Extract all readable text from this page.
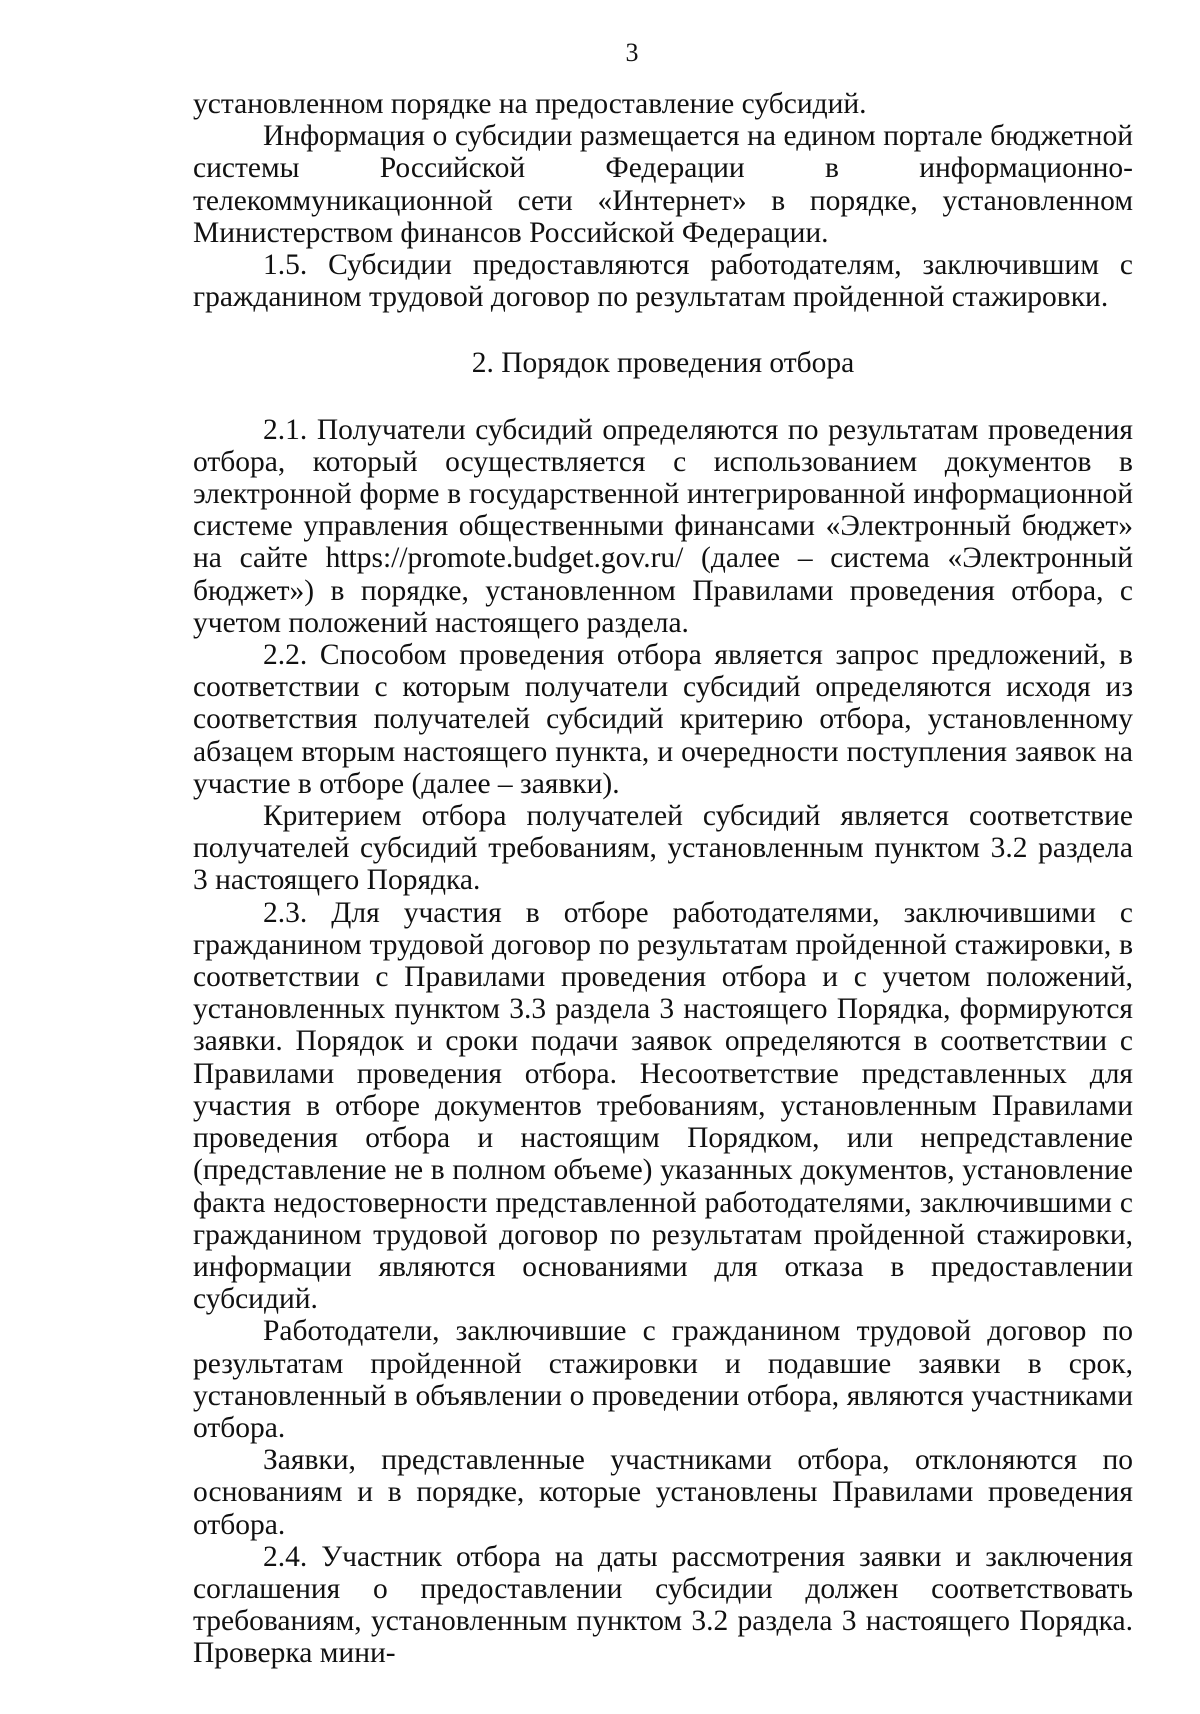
3

установленном порядке на предоставление субсидий.

Информация о субсидии размещается на едином портале бюджетной системы Российской Федерации в информационно-телекоммуникационной сети «Интернет» в порядке, установленном Министерством финансов Российской Федерации.

1.5. Субсидии предоставляются работодателям, заключившим с гражданином трудовой договор по результатам пройденной стажировки.

2. Порядок проведения отбора

2.1. Получатели субсидий определяются по результатам проведения отбора, который осуществляется с использованием документов в электронной форме в государственной интегрированной информационной системе управления общественными финансами «Электронный бюджет» на сайте https://promote.budget.gov.ru/ (далее – система «Электронный бюджет») в порядке, установленном Правилами проведения отбора, с учетом положений настоящего раздела.

2.2. Способом проведения отбора является запрос предложений, в соответствии с которым получатели субсидий определяются исходя из соответствия получателей субсидий критерию отбора, установленному абзацем вторым настоящего пункта, и очередности поступления заявок на участие в отборе (далее – заявки).

Критерием отбора получателей субсидий является соответствие получателей субсидий требованиям, установленным пунктом 3.2 раздела 3 настоящего Порядка.

2.3. Для участия в отборе работодателями, заключившими с гражданином трудовой договор по результатам пройденной стажировки, в соответствии с Правилами проведения отбора и с учетом положений, установленных пунктом 3.3 раздела 3 настоящего Порядка, формируются заявки. Порядок и сроки подачи заявок определяются в соответствии с Правилами проведения отбора. Несоответствие представленных для участия в отборе документов требованиям, установленным Правилами проведения отбора и настоящим Порядком, или непредставление (представление не в полном объеме) указанных документов, установление факта недостоверности представленной работодателями, заключившими с гражданином трудовой договор по результатам пройденной стажировки, информации являются основаниями для отказа в предоставлении субсидий.

Работодатели, заключившие с гражданином трудовой договор по результатам пройденной стажировки и подавшие заявки в срок, установленный в объявлении о проведении отбора, являются участниками отбора.

Заявки, представленные участниками отбора, отклоняются по основаниям и в порядке, которые установлены Правилами проведения отбора.

2.4. Участник отбора на даты рассмотрения заявки и заключения соглашения о предоставлении субсидии должен соответствовать требованиям, установленным пунктом 3.2 раздела 3 настоящего Порядка. Проверка мини-
